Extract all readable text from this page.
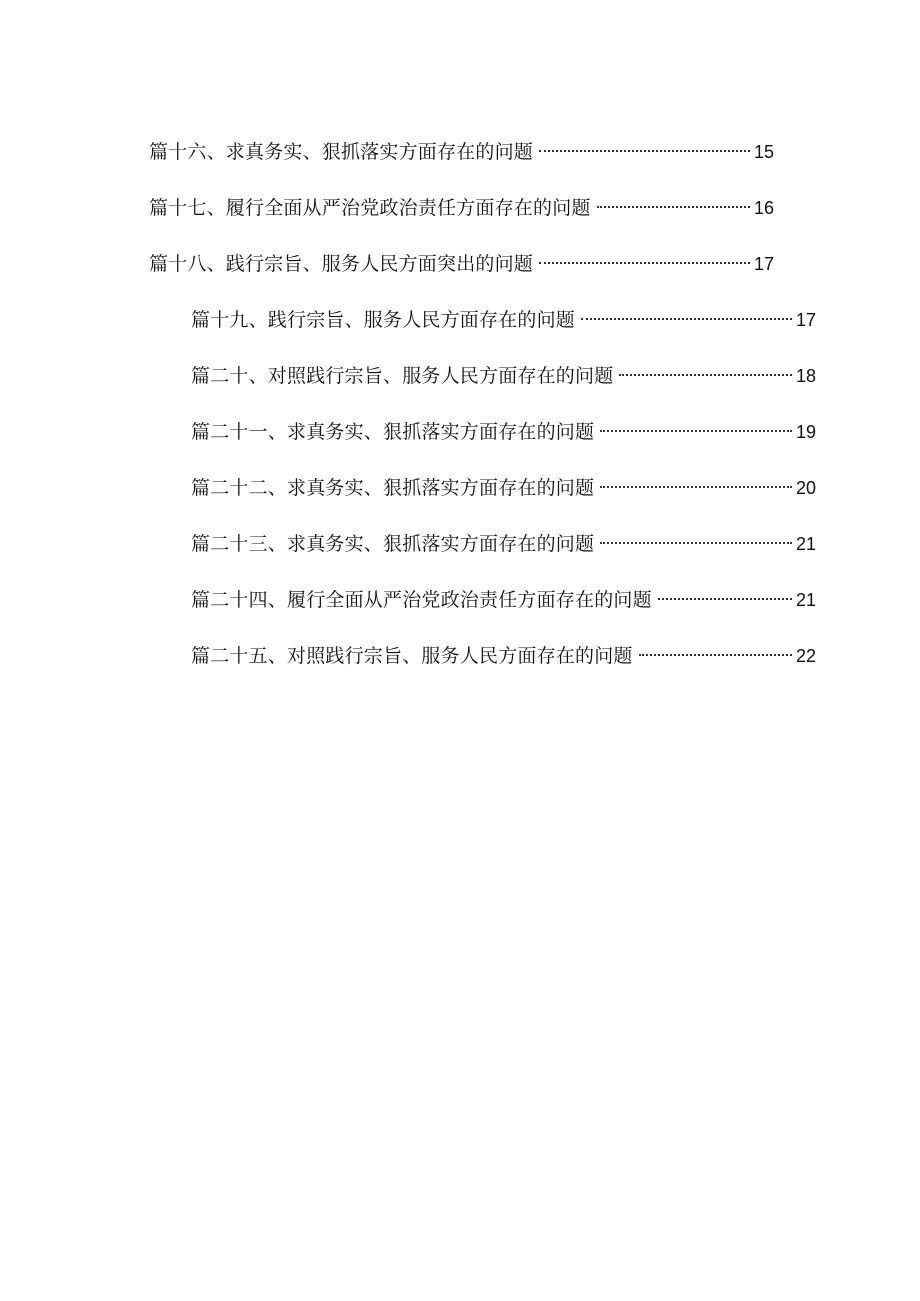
篇十六、求真务实、狠抓落实方面存在的问题	15
篇十七、履行全面从严治党政治责任方面存在的问题	16
篇十八、践行宗旨、服务人民方面突出的问题	17
篇十九、践行宗旨、服务人民方面存在的问题	17
篇二十、对照践行宗旨、服务人民方面存在的问题	18
篇二十一、求真务实、狠抓落实方面存在的问题	19
篇二十二、求真务实、狠抓落实方面存在的问题	20
篇二十三、求真务实、狠抓落实方面存在的问题	21
篇二十四、履行全面从严治党政治责任方面存在的问题	21
篇二十五、对照践行宗旨、服务人民方面存在的问题	22
